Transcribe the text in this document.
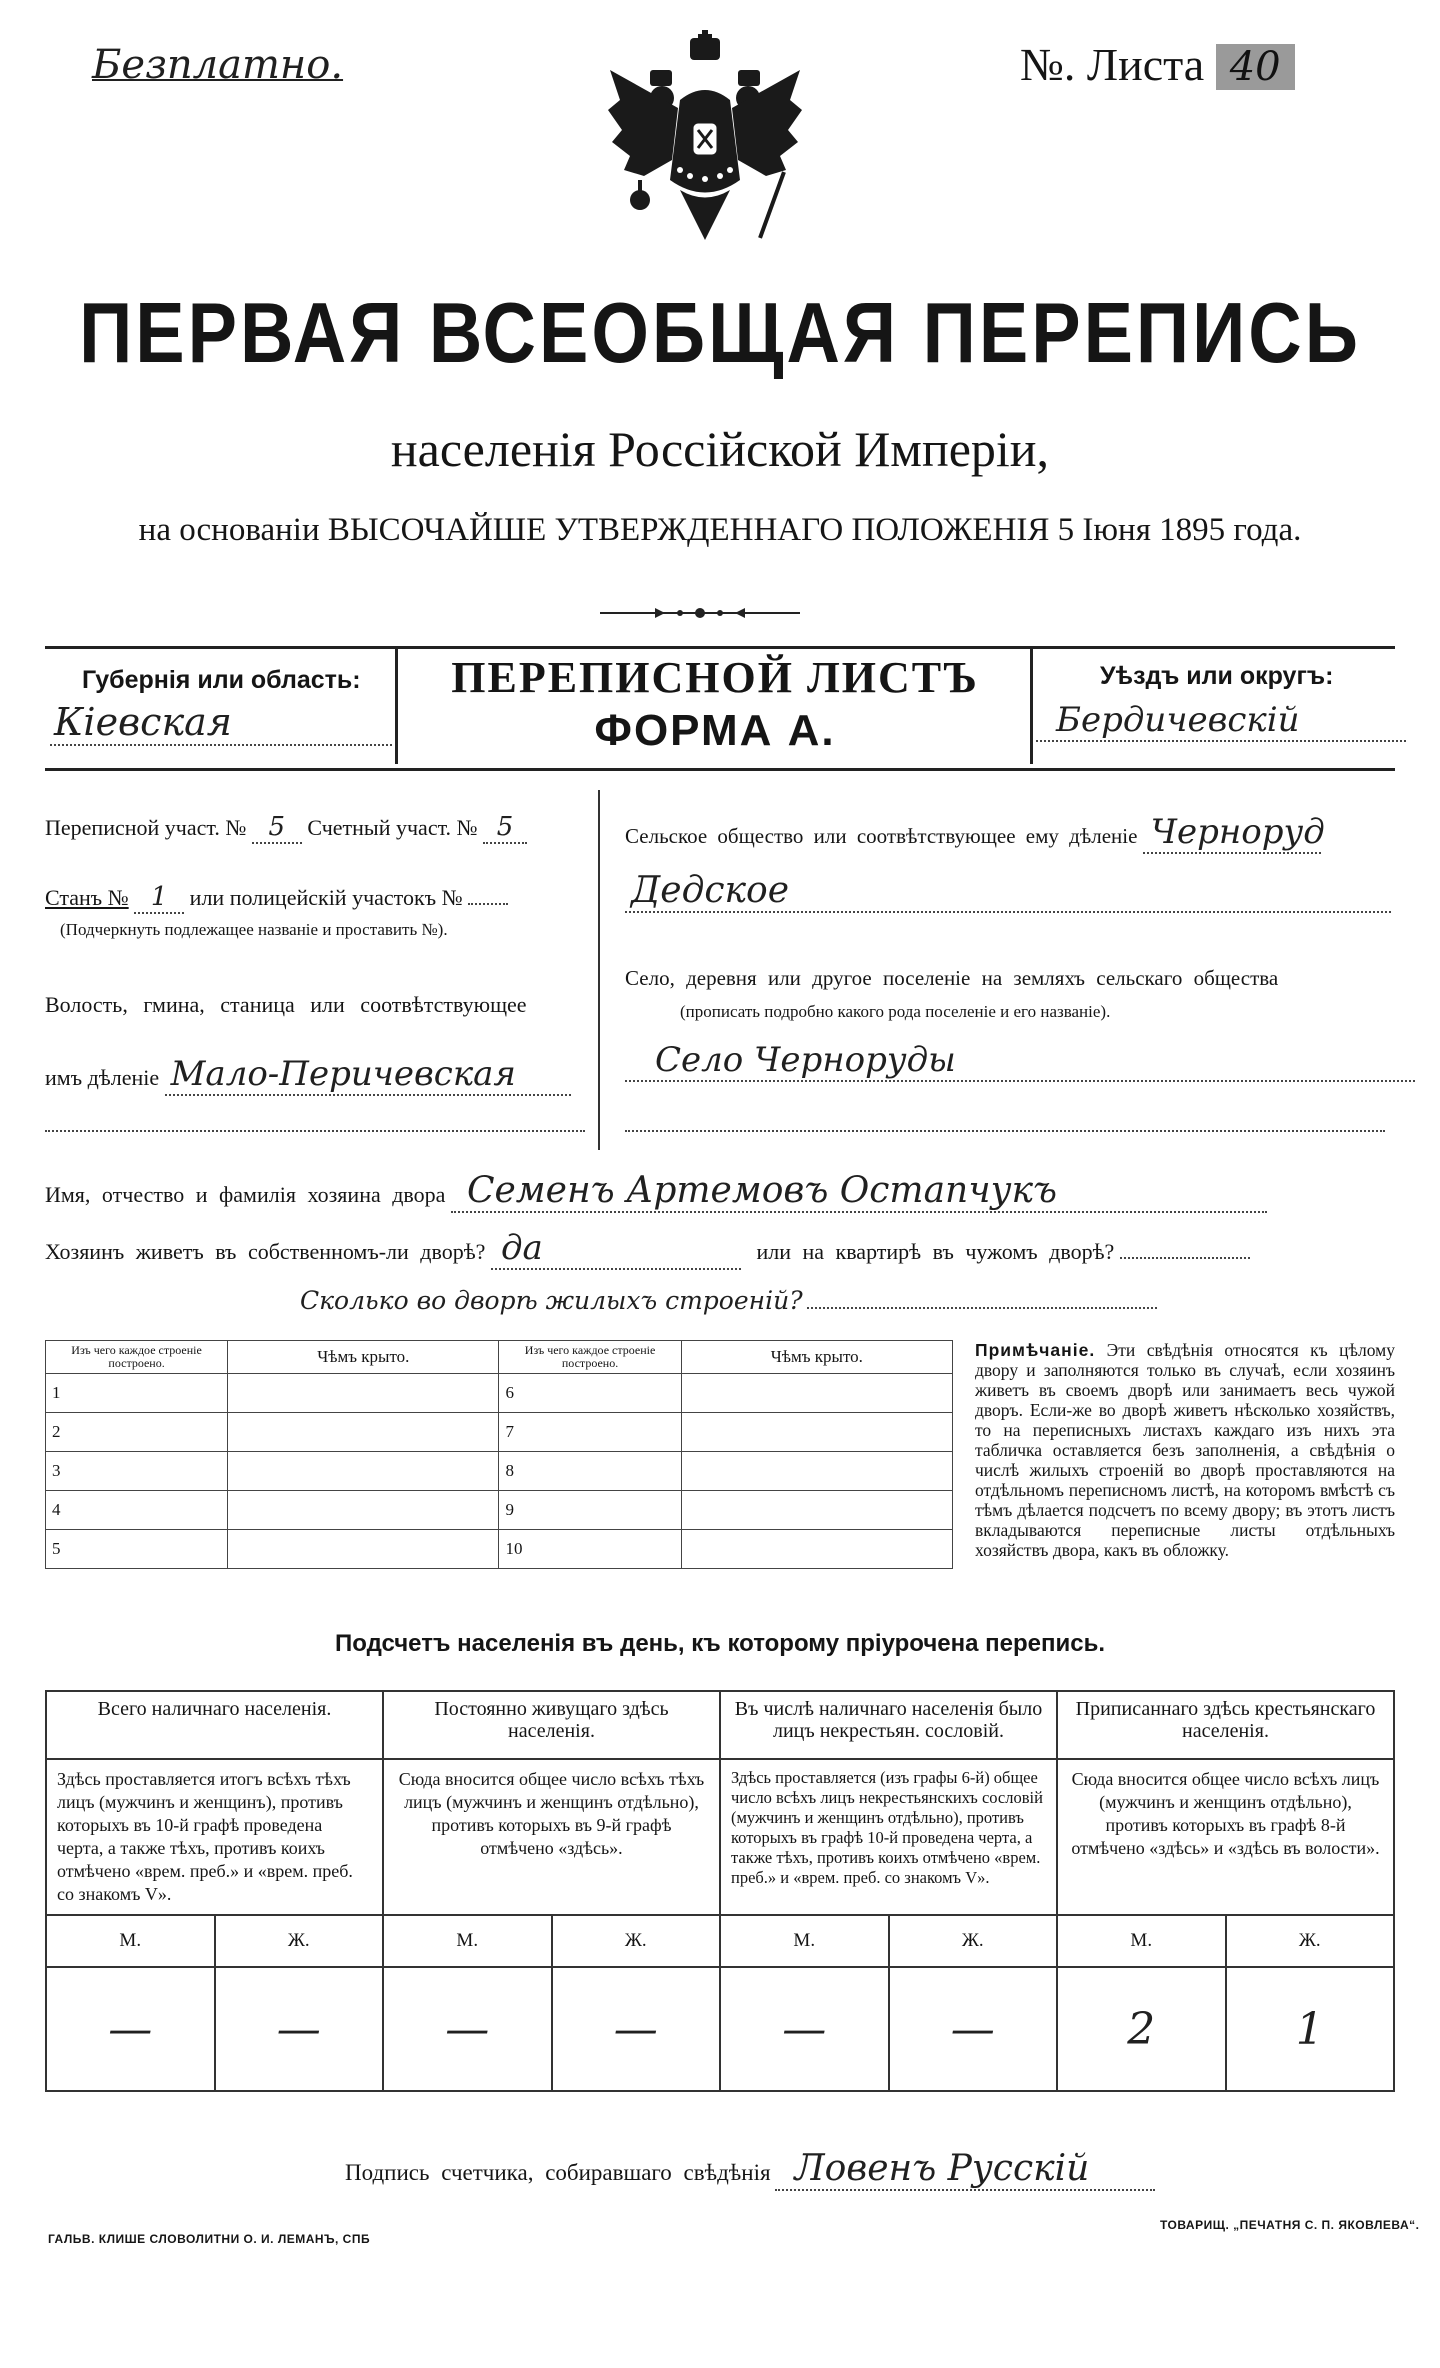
Безплатно.	№. Листа 40
ПЕРВАЯ ВСЕОБЩАЯ ПЕРЕПИСЬ
населенія Россійской Имперіи,
на основаніи ВЫСОЧАЙШЕ УТВЕРЖДЕННАГО ПОЛОЖЕНІЯ 5 Іюня 1895 года.
Губернія или область:
Кіевская
ПЕРЕПИСНОЙ ЛИСТЪ
ФОРМА А.
Уѣздъ или округъ:
Бердичевскій
Переписной участ. № 5 Счетный участ. № 5
Станъ № 1 или полицейскій участокъ №
(Подчеркнуть подлежащее названіе и проставить №).
Волость, гмина, станица или соотвѣтствующее
имъ дѣленіе Мало-Перичевская
Сельское общество или соотвѣтствующее ему дѣленіе Черноруд
Дедское
Село, деревня или другое поселеніе на земляхъ сельскаго общества
(прописать подробно какого рода поселеніе и его названіе).
Село Черноруды
Имя, отчество и фамилія хозяина двора Семенъ Артемовъ Остапчукъ
Хозяинъ живетъ въ собственномъ-ли дворѣ? да	или на квартирѣ въ чужомъ дворѣ?
Сколько во дворѣ жилыхъ строеній?
Изъ чего каждое строеніе построено.	Чѣмъ крыто.	Изъ чего каждое строеніе построено.	Чѣмъ крыто.
1		6	
2		7	
3		8	
4		9	
5		10	
Примѣчаніе. Эти свѣдѣнія относятся къ цѣлому двору и заполняются только въ случаѣ, если хозяинъ живетъ въ своемъ дворѣ или занимаетъ весь чужой дворъ. Если-же во дворѣ живетъ нѣсколько хозяйствъ, то на переписныхъ листахъ каждаго изъ нихъ эта табличка оставляется безъ заполненія, а свѣдѣнія о числѣ жилыхъ строеній во дворѣ проставляются на отдѣльномъ переписномъ листѣ, на которомъ вмѣстѣ съ тѣмъ дѣлается подсчетъ по всему двору; въ этотъ листъ вкладываются переписные листы отдѣльныхъ хозяйствъ двора, какъ въ обложку.
Подсчетъ населенія въ день, къ которому пріурочена перепись.
Всего наличнаго населенія.		Постоянно живущаго здѣсь населенія.		Въ числѣ наличнаго населенія было лицъ некрестьян. сословій.		Приписаннаго здѣсь крестьянскаго населенія.	
Здѣсь проставляется итогъ всѣхъ тѣхъ лицъ (мужчинъ и женщинъ), противъ которыхъ въ 10-й графѣ проведена черта, а также тѣхъ, противъ коихъ отмѣчено «врем. преб.» и «врем. преб. со знакомъ V».		Сюда вносится общее число всѣхъ тѣхъ лицъ (мужчинъ и женщинъ отдѣльно), противъ которыхъ въ 9-й графѣ отмѣчено «здѣсь».		Здѣсь проставляется (изъ графы 6-й) общее число всѣхъ лицъ некрестьянскихъ сословій (мужчинъ и женщинъ отдѣльно), противъ которыхъ въ графѣ 10-й проведена черта, а также тѣхъ, противъ коихъ отмѣчено «врем. преб.» и «врем. преб. со знакомъ V».		Сюда вносится общее число всѣхъ лицъ (мужчинъ и женщинъ отдѣльно), противъ которыхъ въ графѣ 8-й отмѣчено «здѣсь» и «здѣсь въ волости».	
М.	Ж.	М.	Ж.	М.	Ж.	М.	Ж.
—	—	—	—	—	—	2	1
Подпись счетчика, собиравшаго свѣдѣнія Ловенъ Русскій
ГАЛЬВ. КЛИШЕ СЛОВОЛИТНИ О. И. ЛЕМАНЪ, СПБ
ТОВАРИЩ. „ПЕЧАТНЯ С. П. ЯКОВЛЕВА“.
